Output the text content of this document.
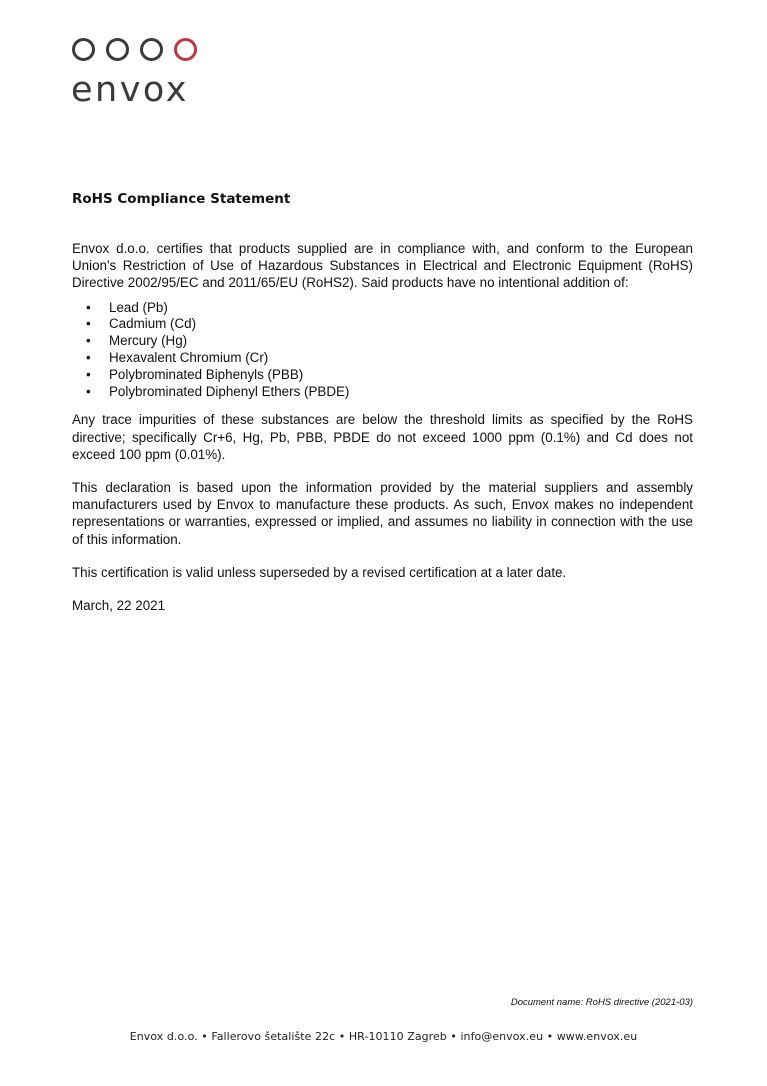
envox
RoHS Compliance Statement

Envox d.o.o. certifies that products supplied are in compliance with, and conform to the European Union's Restriction of Use of Hazardous Substances in Electrical and Electronic Equipment (RoHS) Directive 2002/95/EC and 2011/65/EU (RoHS2). Said products have no intentional addition of:

• Lead (Pb)
• Cadmium (Cd)
• Mercury (Hg)
• Hexavalent Chromium (Cr)
• Polybrominated Biphenyls (PBB)
• Polybrominated Diphenyl Ethers (PBDE)

Any trace impurities of these substances are below the threshold limits as specified by the RoHS directive; specifically Cr+6, Hg, Pb, PBB, PBDE do not exceed 1000 ppm (0.1%) and Cd does not exceed 100 ppm (0.01%).

This declaration is based upon the information provided by the material suppliers and assembly manufacturers used by Envox to manufacture these products. As such, Envox makes no independent representations or warranties, expressed or implied, and assumes no liability in connection with the use of this information.

This certification is valid unless superseded by a revised certification at a later date.

March, 22 2021

Document name: RoHS directive (2021-03)
Envox d.o.o. • Fallerovo šetalište 22c • HR-10110 Zagreb • info@envox.eu • www.envox.eu
